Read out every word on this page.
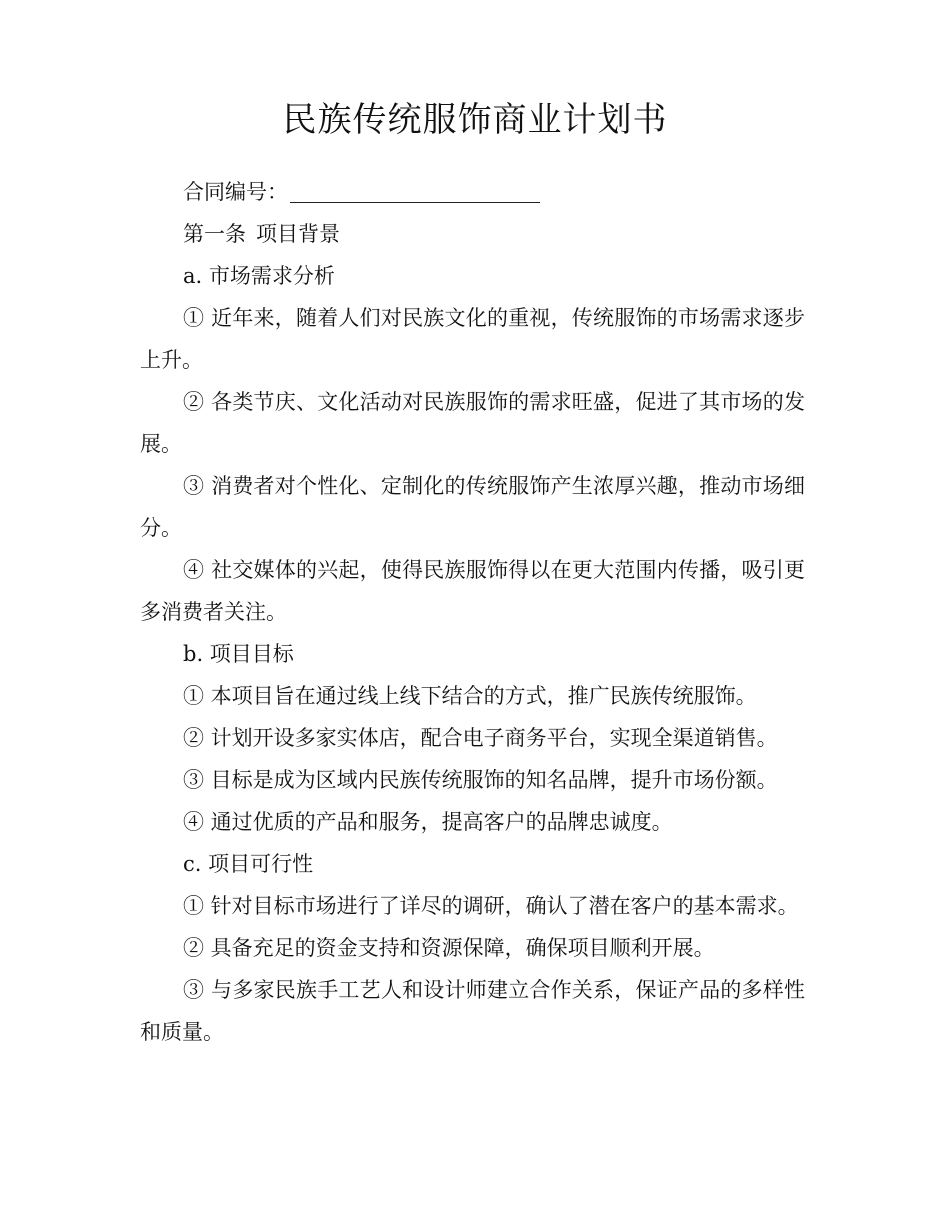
民族传统服饰商业计划书

合同编号：

第一条 项目背景

a. 市场需求分析

① 近年来，随着人们对民族文化的重视，传统服饰的市场需求逐步上升。

② 各类节庆、文化活动对民族服饰的需求旺盛，促进了其市场的发展。

③ 消费者对个性化、定制化的传统服饰产生浓厚兴趣，推动市场细分。

④ 社交媒体的兴起，使得民族服饰得以在更大范围内传播，吸引更多消费者关注。

b. 项目目标

① 本项目旨在通过线上线下结合的方式，推广民族传统服饰。

② 计划开设多家实体店，配合电子商务平台，实现全渠道销售。

③ 目标是成为区域内民族传统服饰的知名品牌，提升市场份额。

④ 通过优质的产品和服务，提高客户的品牌忠诚度。

c. 项目可行性

① 针对目标市场进行了详尽的调研，确认了潜在客户的基本需求。

② 具备充足的资金支持和资源保障，确保项目顺利开展。

③ 与多家民族手工艺人和设计师建立合作关系，保证产品的多样性和质量。
